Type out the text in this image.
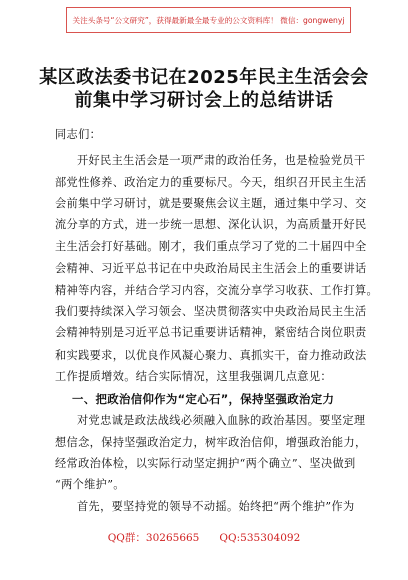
关注头条号“公文研究”，获得最新最全最专业的公文资料库！ 微信：gongwenyj
某区政法委书记在2025年民主生活会会
前集中学习研讨会上的总结讲话
同志们：
开好民主生活会是一项严肃的政治任务，也是检验党员干
部党性修养、政治定力的重要标尺。今天，组织召开民主生活
会前集中学习研讨，就是要聚焦会议主题，通过集中学习、交
流分享的方式，进一步统一思想、深化认识，为高质量开好民
主生活会打好基础。刚才，我们重点学习了党的二十届四中全
会精神、习近平总书记在中央政治局民主生活会上的重要讲话
精神等内容，并结合学习内容，交流分享学习收获、工作打算。
我们要持续深入学习领会、坚决贯彻落实中央政治局民主生活
会精神特别是习近平总书记重要讲话精神，紧密结合岗位职责
和实践要求，以优良作风凝心聚力、真抓实干，奋力推动政法
工作提质增效。结合实际情况，这里我强调几点意见：
一、把政治信仰作为“定心石”，保持坚强政治定力
对党忠诚是政法战线必须融入血脉的政治基因。要坚定理
想信念，保持坚强政治定力，树牢政治信仰，增强政治能力，
经常政治体检，以实际行动坚定拥护“两个确立”、坚决做到
“两个维护”。
首先，要坚持党的领导不动摇。始终把“两个维护”作为
QQ群：30265665 QQ:535304092
